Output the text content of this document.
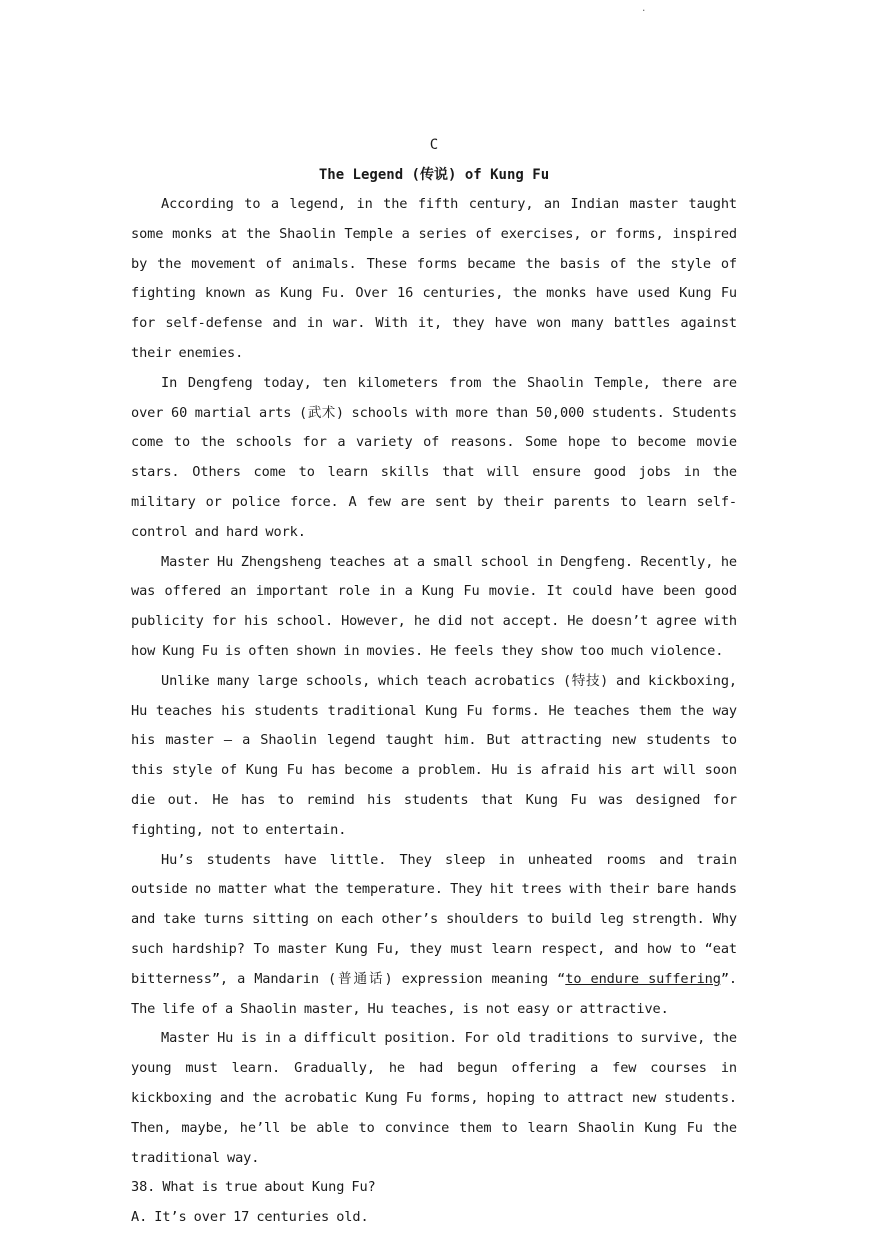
.
C
The Legend (传说) of Kung Fu

According to a legend, in the fifth century, an Indian master taught some monks at the Shaolin Temple a series of exercises, or forms, inspired by the movement of animals. These forms became the basis of the style of fighting known as Kung Fu. Over 16 centuries, the monks have used Kung Fu for self-defense and in war. With it, they have won many battles against their enemies.

In Dengfeng today, ten kilometers from the Shaolin Temple, there are over 60 martial arts (武术) schools with more than 50,000 students. Students come to the schools for a variety of reasons. Some hope to become movie stars. Others come to learn skills that will ensure good jobs in the military or police force. A few are sent by their parents to learn self-control and hard work.

Master Hu Zhengsheng teaches at a small school in Dengfeng. Recently, he was offered an important role in a Kung Fu movie. It could have been good publicity for his school. However, he did not accept. He doesn’t agree with how Kung Fu is often shown in movies. He feels they show too much violence.

Unlike many large schools, which teach acrobatics (特技) and kickboxing, Hu teaches his students traditional Kung Fu forms. He teaches them the way his master — a Shaolin legend taught him. But attracting new students to this style of Kung Fu has become a problem. Hu is afraid his art will soon die out. He has to remind his students that Kung Fu was designed for fighting, not to entertain.

Hu’s students have little. They sleep in unheated rooms and train outside no matter what the temperature. They hit trees with their bare hands and take turns sitting on each other’s shoulders to build leg strength. Why such hardship? To master Kung Fu, they must learn respect, and how to “eat bitterness”, a Mandarin (普通话) expression meaning “to endure suffering”. The life of a Shaolin master, Hu teaches, is not easy or attractive.

Master Hu is in a difficult position. For old traditions to survive, the young must learn. Gradually, he had begun offering a few courses in kickboxing and the acrobatic Kung Fu forms, hoping to attract new students. Then, maybe, he’ll be able to convince them to learn Shaolin Kung Fu the traditional way.

38. What is true about Kung Fu?

A. It’s over 17 centuries old.
